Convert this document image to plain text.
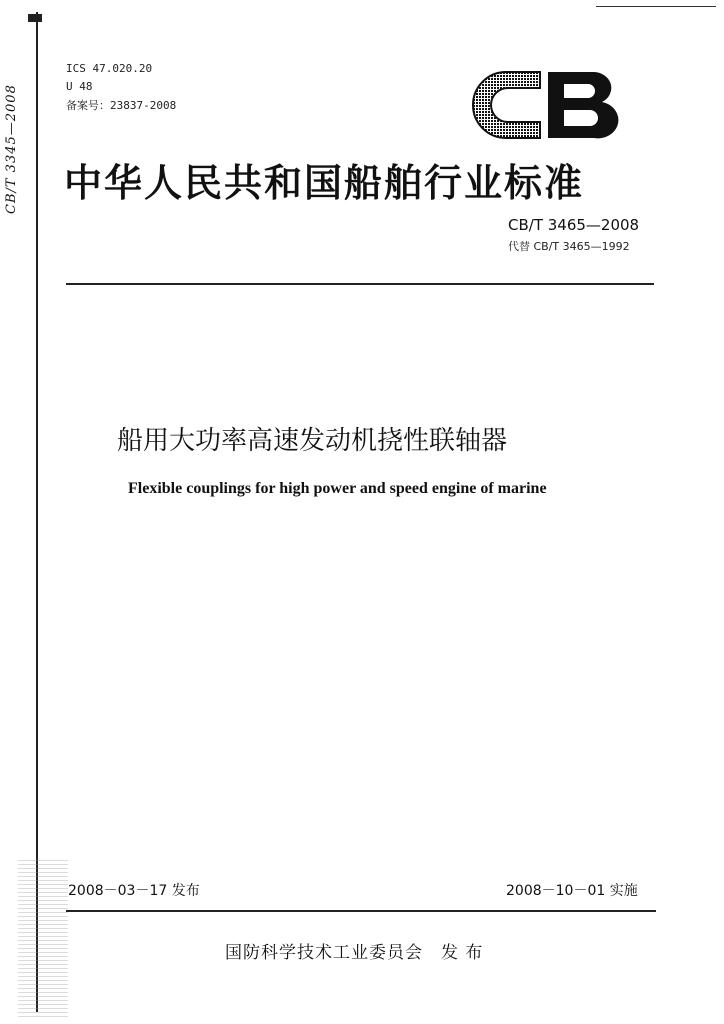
CB/T 3345—2008
ICS 47.020.20
U 48
备案号：23837-2008
中华人民共和国船舶行业标准
CB/T 3465—2008
代替 CB/T 3465—1992
船用大功率高速发动机挠性联轴器
Flexible couplings for high power and speed engine of marine
2008－03－17 发布	2008－10－01 实施
国防科学技术工业委员会　发 布
